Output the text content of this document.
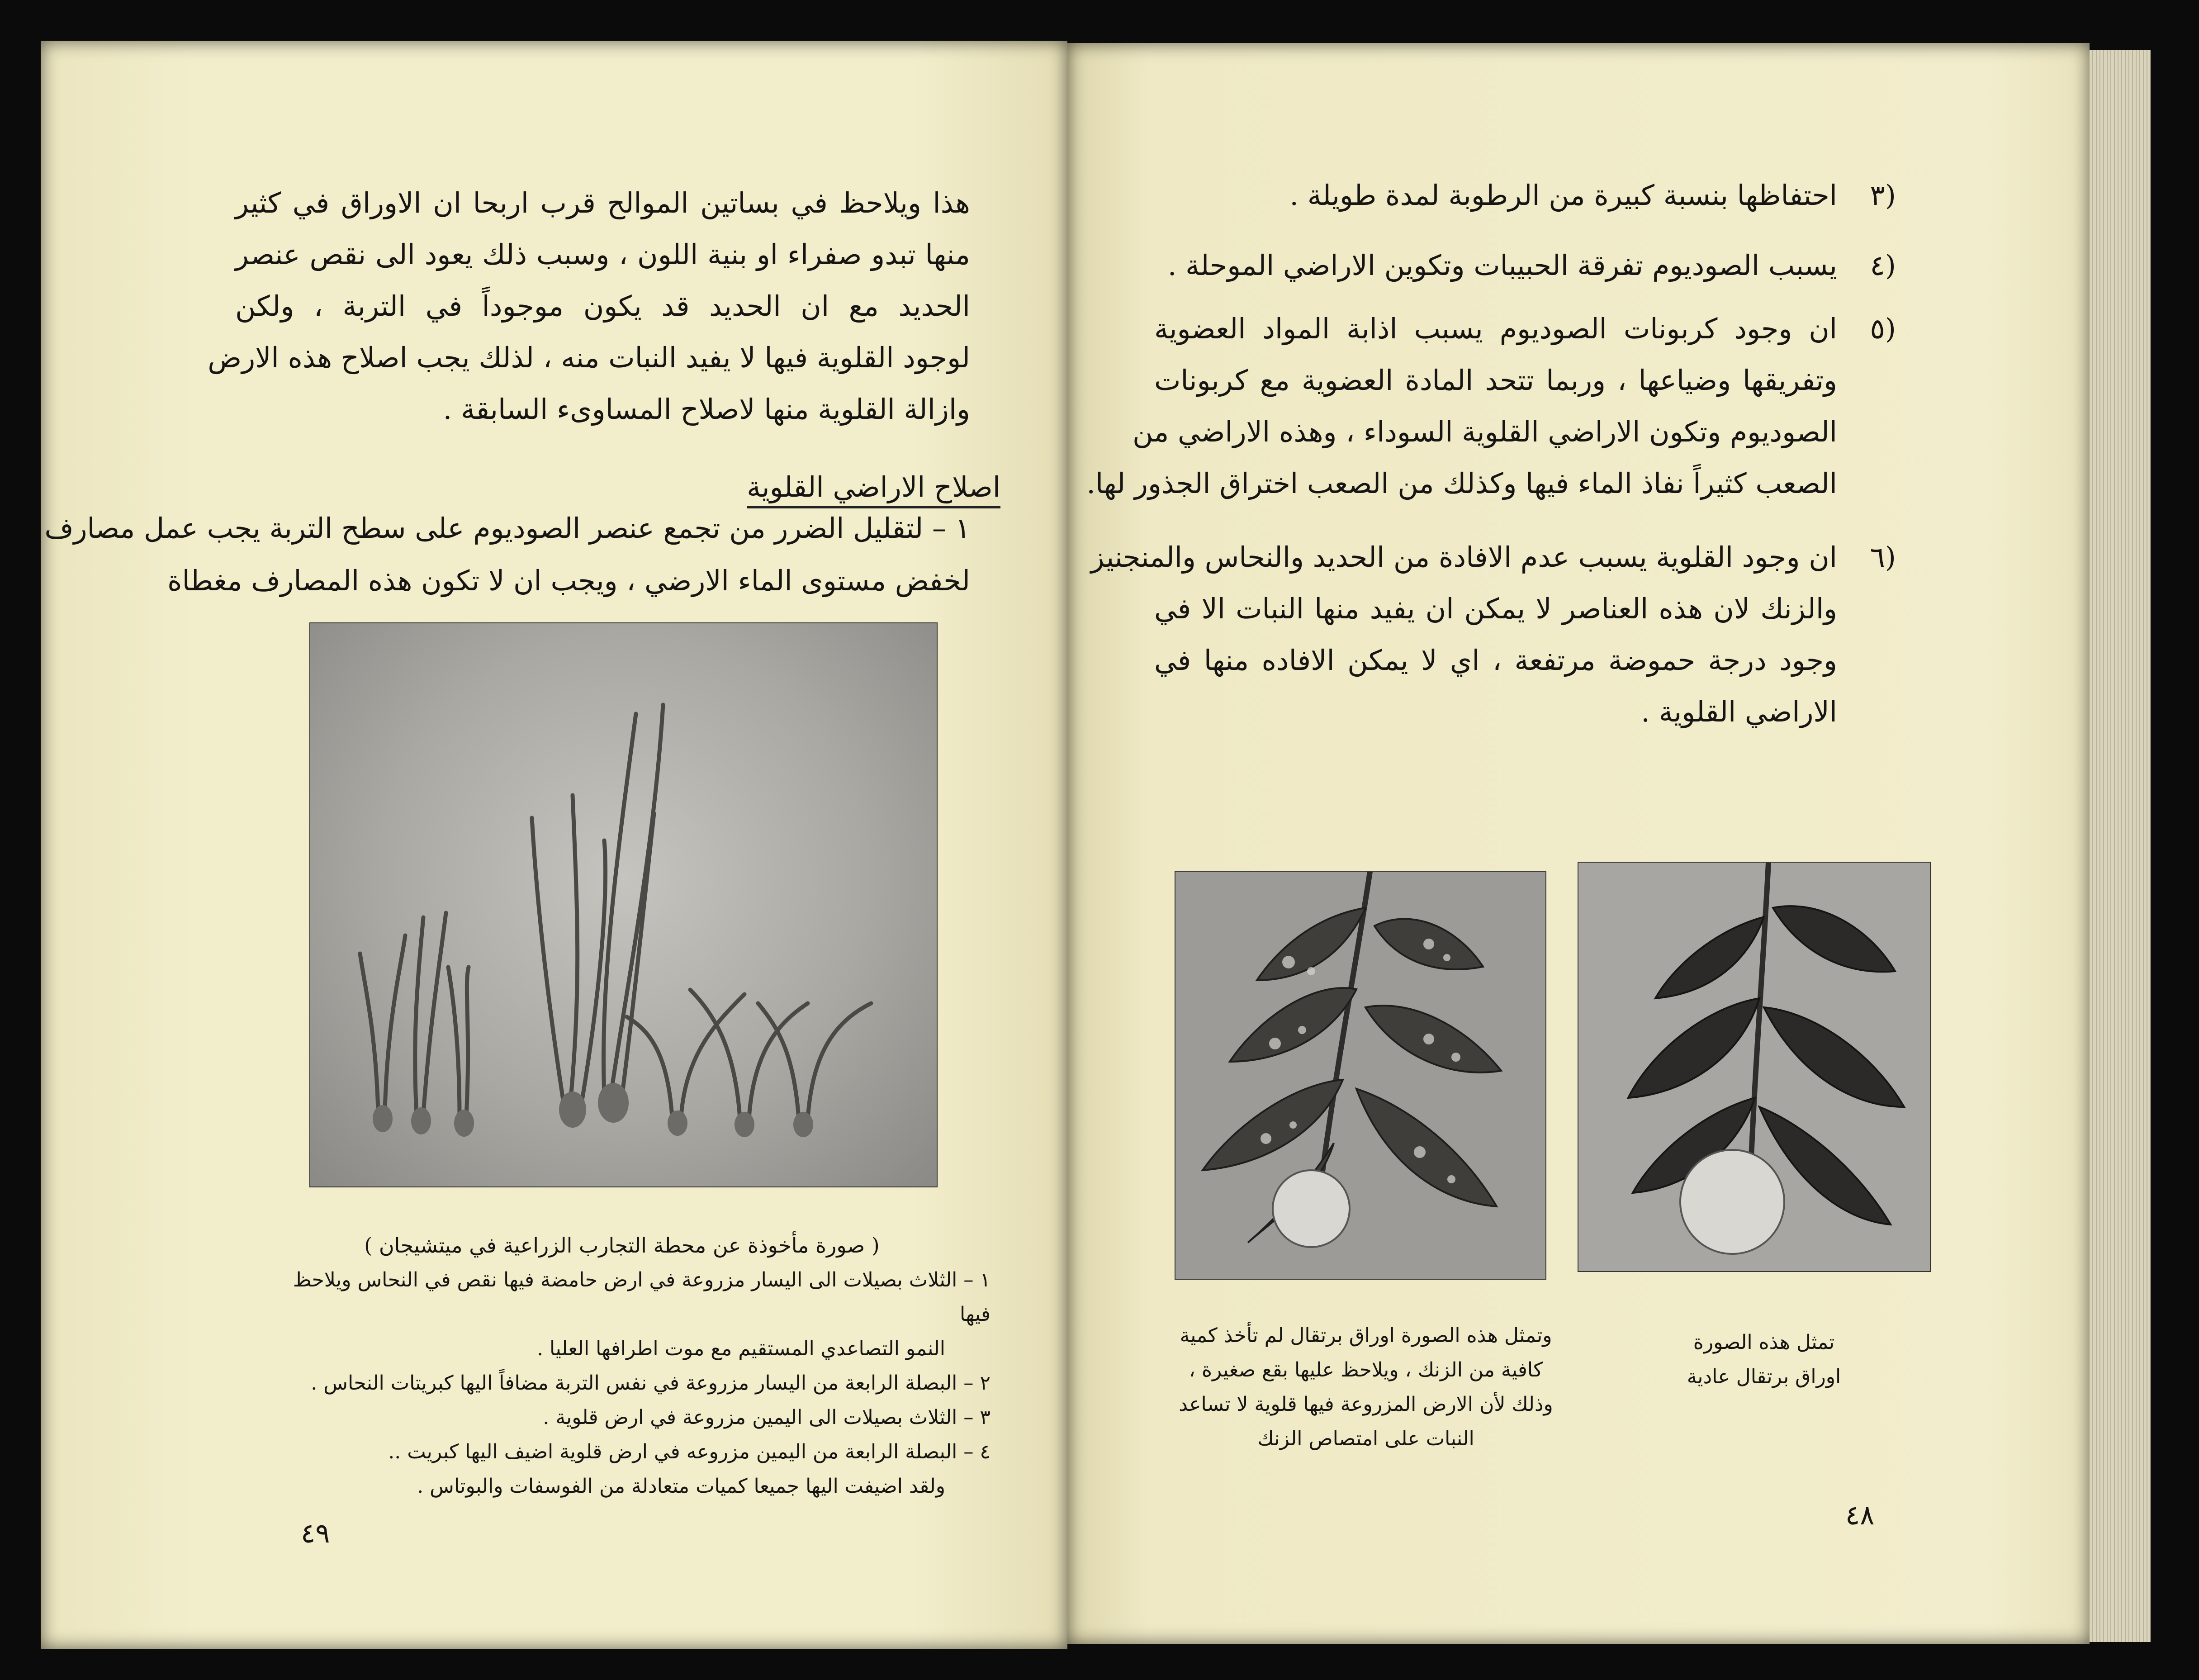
هذا ويلاحظ في بساتين الموالح قرب اربحا ان الاوراق في كثير
منها تبدو صفراء او بنية اللون ، وسبب ذلك يعود الى نقص عنصر
الحديد مع ان الحديد قد يكون موجوداً في التربة ، ولكن
لوجود القلوية فيها لا يفيد النبات منه ، لذلك يجب اصلاح هذه الارض
وازالة القلوية منها لاصلاح المساوىء السابقة .
اصلاح الاراضي القلوية
١ – لتقليل الضرر من تجمع عنصر الصوديوم على سطح التربة يجب عمل مصارف
لخفض مستوى الماء الارضي ، ويجب ان لا تكون هذه المصارف مغطاة
( صورة مأخوذة عن محطة التجارب الزراعية في ميتشيجان )
١ – الثلاث بصيلات الى اليسار مزروعة في ارض حامضة فيها نقص في النحاس ويلاحظ فيها
النمو التصاعدي المستقيم مع موت اطرافها العليا .
٢ – البصلة الرابعة من اليسار مزروعة في نفس التربة مضافاً اليها كبريتات النحاس .
٣ – الثلاث بصيلات الى اليمين مزروعة في ارض قلوية .
٤ – البصلة الرابعة من اليمين مزروعه في ارض قلوية اضيف اليها كبريت ..
ولقد اضيفت اليها جميعا كميات متعادلة من الفوسفات والبوتاس .
٤٩
(٣
احتفاظها بنسبة كبيرة من الرطوبة لمدة طويلة .
(٤
يسبب الصوديوم تفرقة الحبيبات وتكوين الاراضي الموحلة .
(٥
ان وجود كربونات الصوديوم يسبب اذابة المواد العضوية
وتفريقها وضياعها ، وربما تتحد المادة العضوية مع كربونات
الصوديوم وتكون الاراضي القلوية السوداء ، وهذه الاراضي من
الصعب كثيراً نفاذ الماء فيها وكذلك من الصعب اختراق الجذور لها.
(٦
ان وجود القلوية يسبب عدم الافادة من الحديد والنحاس والمنجنيز
والزنك لان هذه العناصر لا يمكن ان يفيد منها النبات الا في
وجود درجة حموضة مرتفعة ، اي لا يمكن الافاده منها في
الاراضي القلوية .
وتمثل هذه الصورة اوراق برتقال لم تأخذ كمية
كافية من الزنك ، ويلاحظ عليها بقع صغيرة ،
وذلك لأن الارض المزروعة فيها قلوية لا تساعد
النبات على امتصاص الزنك
تمثل هذه الصورة
اوراق برتقال عادية
٤٨
